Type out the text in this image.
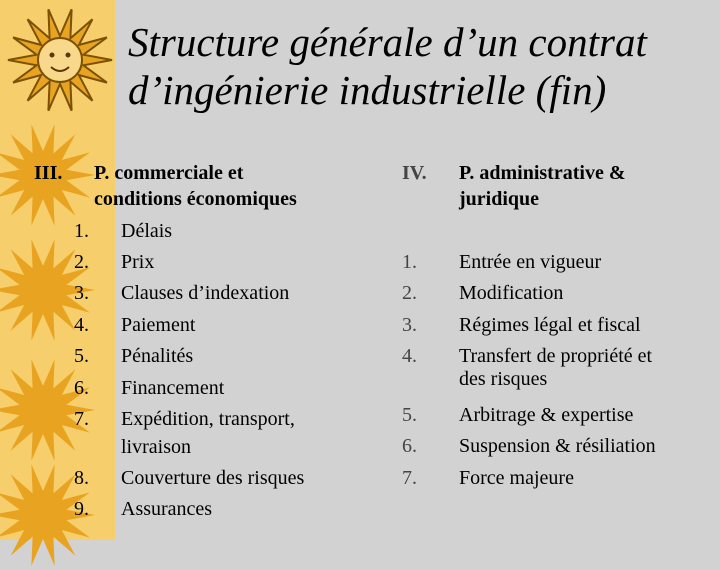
Structure générale d’un contrat
d’ingénierie industrielle (fin)
III. P. commerciale et
conditions économiques
1. Délais
2. Prix
3. Clauses d’indexation
4. Paiement
5. Pénalités
6. Financement
7. Expédition, transport,
livraison
8. Couverture des risques
9. Assurances
IV. P. administrative &
juridique
1. Entrée en vigueur
2. Modification
3. Régimes légal et fiscal
4. Transfert de propriété et
des risques
5. Arbitrage & expertise
6. Suspension & résiliation
7. Force majeure
